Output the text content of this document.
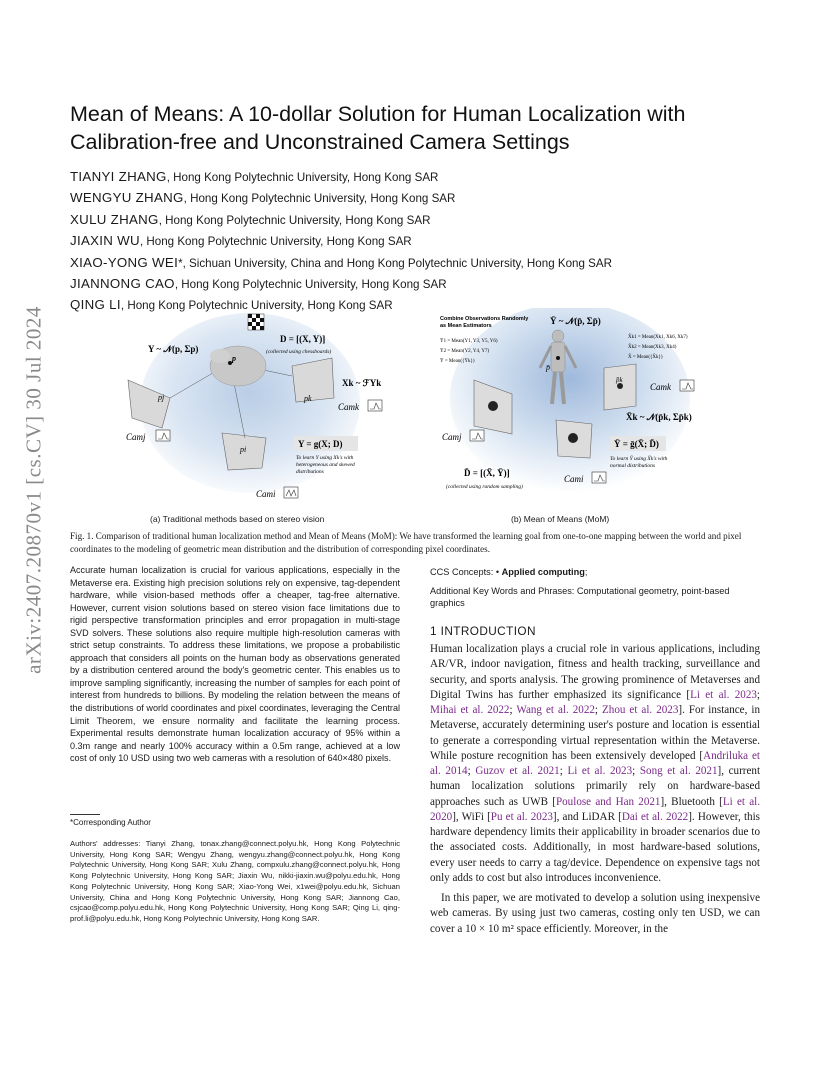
arXiv:2407.20870v1 [cs.CV] 30 Jul 2024
Mean of Means: A 10-dollar Solution for Human Localization with
Calibration-free and Unconstrained Camera Settings
TIANYI ZHANG, Hong Kong Polytechnic University, Hong Kong SAR
WENGYU ZHANG, Hong Kong Polytechnic University, Hong Kong SAR
XULU ZHANG, Hong Kong Polytechnic University, Hong Kong SAR
JIAXIN WU, Hong Kong Polytechnic University, Hong Kong SAR
XIAO-YONG WEI*, Sichuan University, China and Hong Kong Polytechnic University, Hong Kong SAR
JIANNONG CAO, Hong Kong Polytechnic University, Hong Kong SAR
QING LI, Hong Kong Polytechnic University, Hong Kong SAR
Y ~ 𝒩(p, Σp)
D = [(X, Y)]
(collected using chessboards)
p
pj	pk
pi
Xk ~ ℱYk
Camk
Camj
Cami
Y = g(X; D)
To learn Y using Xk's with
heterogeneous and skewed
distributions
Combine Observations Randomly
as Mean Estimators	Ȳ ~ 𝒩(p̄, Σp̄)
Ȳ1 = Mean(Y1, Y3, Y5, Y6)
Ȳ2 = Mean(Y2, Y4, Y7)
Ȳ = Mean({Ȳk})
X̄k1 = Mean(Xk1, Xk6, Xk7)
X̄k2 = Mean(Xk3, Xk4)
X̄ = Mean({X̄k})
p̄
p̄k
Camk
X̄k ~ 𝒩(p̄k, Σp̄k)
Camj
Ȳ = ḡ(X̄; D̄)
To learn Ȳ using X̄k's with
normal distributions
D̄ = [(X̄, Ȳ)]
(collected using random sampling)
Cami
(a) Traditional methods based on stereo vision	(b) Mean of Means (MoM)
Fig. 1. Comparison of traditional human localization method and Mean of Means (MoM): We have transformed the learning goal from one-to-one mapping between the world and pixel coordinates to the modeling of geometric mean distribution and the distribution of corresponding pixel coordinates.
Accurate human localization is crucial for various applications, especially in the Metaverse era. Existing high precision solutions rely on expensive, tag-dependent hardware, while vision-based methods offer a cheaper, tag-free alternative. However, current vision solutions based on stereo vision face limitations due to rigid perspective transformation principles and error propagation in multi-stage SVD solvers. These solutions also require multiple high-resolution cameras with strict setup constraints. To address these limitations, we propose a probabilistic approach that considers all points on the human body as observations generated by a distribution centered around the body's geometric center. This enables us to improve sampling significantly, increasing the number of samples for each point of interest from hundreds to billions. By modeling the relation between the means of the distributions of world coordinates and pixel coordinates, leveraging the Central Limit Theorem, we ensure normality and facilitate the learning process. Experimental results demonstrate human localization accuracy of 95% within a 0.3m range and nearly 100% accuracy within a 0.5m range, achieved at a low cost of only 10 USD using two web cameras with a resolution of 640×480 pixels.
*Corresponding Author
Authors' addresses: Tianyi Zhang, tonax.zhang@connect.polyu.hk, Hong Kong Polytechnic University, Hong Kong SAR; Wengyu Zhang, wengyu.zhang@connect.polyu.hk, Hong Kong Polytechnic University, Hong Kong SAR; Xulu Zhang, compxulu.zhang@connect.polyu.hk, Hong Kong Polytechnic University, Hong Kong SAR; Jiaxin Wu, nikki-jiaxin.wu@polyu.edu.hk, Hong Kong Polytechnic University, Hong Kong SAR; Xiao-Yong Wei, x1wei@polyu.edu.hk, Sichuan University, China and Hong Kong Polytechnic University, Hong Kong SAR; Jiannong Cao, csjcao@comp.polyu.edu.hk, Hong Kong Polytechnic University, Hong Kong SAR; Qing Li, qing-prof.li@polyu.edu.hk, Hong Kong Polytechnic University, Hong Kong SAR.
CCS Concepts: • Applied computing;
Additional Key Words and Phrases: Computational geometry, point-based graphics
1 INTRODUCTION

Human localization plays a crucial role in various applications, including AR/VR, indoor navigation, fitness and health tracking, surveillance and security, and sports analysis. The growing prominence of Metaverses and Digital Twins has further emphasized its significance [Li et al. 2023; Mihai et al. 2022; Wang et al. 2022; Zhou et al. 2023]. For instance, in Metaverse, accurately determining user's posture and location is essential to generate a corresponding virtual representation within the Metaverse. While posture recognition has been extensively developed [Andriluka et al. 2014; Guzov et al. 2021; Li et al. 2023; Song et al. 2021], current human localization solutions primarily rely on hardware-based approaches such as UWB [Poulose and Han 2021], Bluetooth [Li et al. 2020], WiFi [Pu et al. 2023], and LiDAR [Dai et al. 2022]. However, this hardware dependency limits their applicability in broader scenarios due to the associated costs. Additionally, in most hardware-based solutions, every user needs to carry a tag/device. Dependence on expensive tags not only adds to cost but also introduces inconvenience.

In this paper, we are motivated to develop a solution using inexpensive web cameras. By using just two cameras, costing only ten USD, we can cover a 10 × 10 m² space efficiently. Moreover, in the
